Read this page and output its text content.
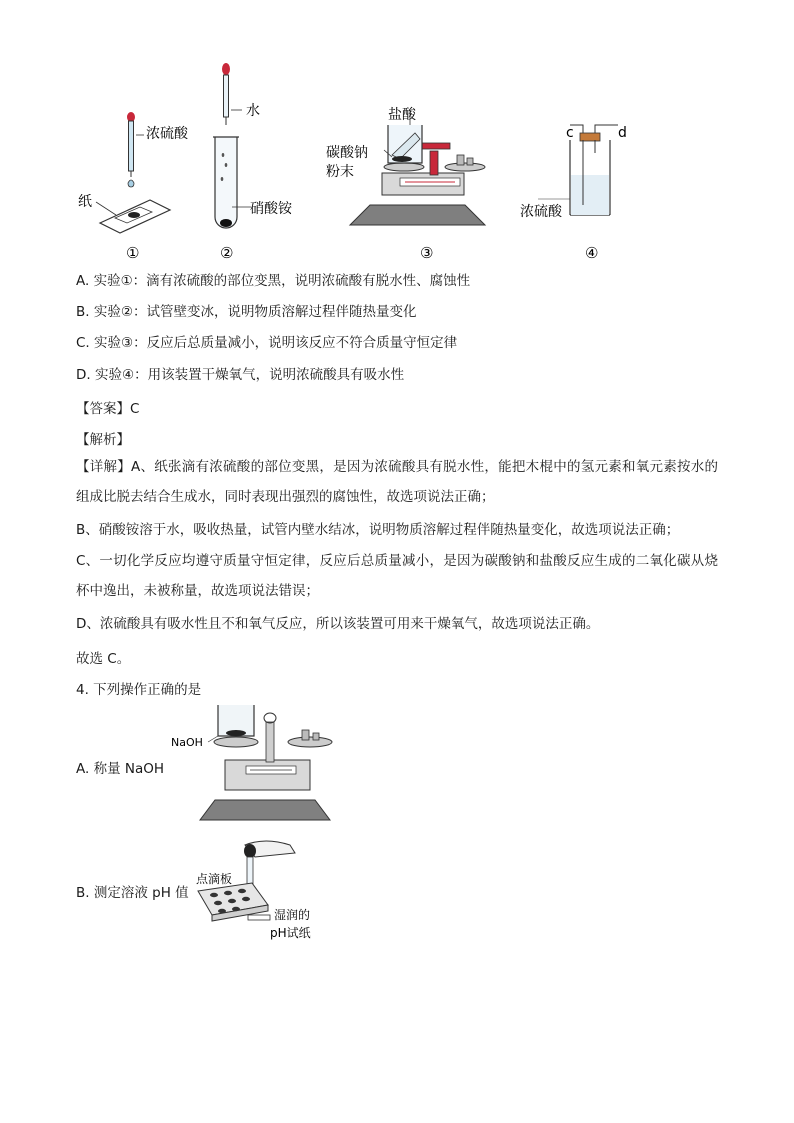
浓硫酸
纸
①
水
硝酸铵
②
盐酸
碳酸钠
粉末
③
c	d
浓硫酸
④
A. 实验①：滴有浓硫酸的部位变黑，说明浓硫酸有脱水性、腐蚀性
B. 实验②：试管壁变冰，说明物质溶解过程伴随热量变化
C. 实验③：反应后总质量减小，说明该反应不符合质量守恒定律
D. 实验④：用该装置干燥氧气，说明浓硫酸具有吸水性
【答案】C
【解析】
【详解】A、纸张滴有浓硫酸的部位变黑，是因为浓硫酸具有脱水性，能把木棍中的氢元素和氧元素按水的组成比脱去结合生成水，同时表现出强烈的腐蚀性，故选项说法正确；
B、硝酸铵溶于水，吸收热量，试管内壁水结冰，说明物质溶解过程伴随热量变化，故选项说法正确；
C、一切化学反应均遵守质量守恒定律，反应后总质量减小，是因为碳酸钠和盐酸反应生成的二氧化碳从烧杯中逸出，未被称量，故选项说法错误；
D、浓硫酸具有吸水性且不和氧气反应，所以该装置可用来干燥氧气，故选项说法正确。
故选 C。
4. 下列操作正确的是
A. 称量 NaOH
NaOH
B. 测定溶液 pH 值
点滴板
湿润的
pH试纸
